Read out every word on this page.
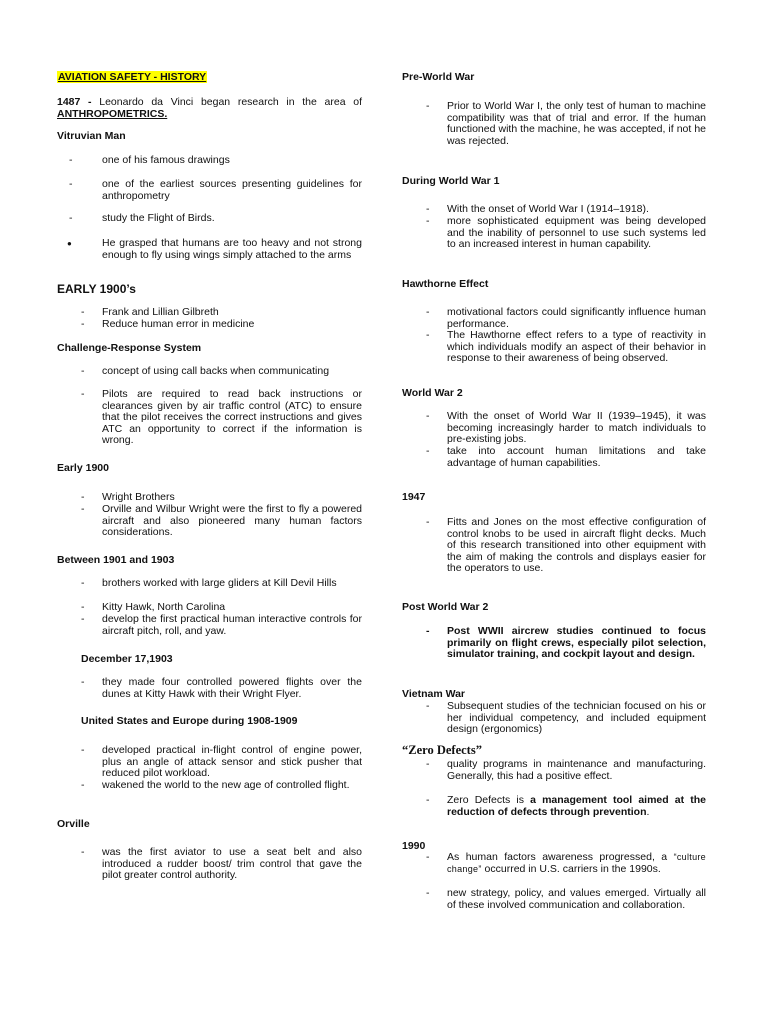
AVIATION SAFETY - HISTORY
1487 - Leonardo da Vinci began research in the area of ANTHROPOMETRICS.
Vitruvian Man
-	one of his famous drawings
-	one of the earliest sources presenting guidelines for anthropometry
-	study the Flight of Birds.
●	He grasped that humans are too heavy and not strong enough to fly using wings simply attached to the arms
EARLY 1900’s
-	Frank and Lillian Gilbreth
-	Reduce human error in medicine
Challenge-Response System
-	concept of using call backs when communicating
-	Pilots are required to read back instructions or clearances given by air traffic control (ATC) to ensure that the pilot receives the correct instructions and gives ATC an opportunity to correct if the information is wrong.
Early 1900
-	Wright Brothers
-	Orville and Wilbur Wright were the first to fly a powered aircraft and also pioneered many human factors considerations.
Between 1901 and 1903
-	brothers worked with large gliders at Kill Devil Hills
-	Kitty Hawk, North Carolina
-	develop the first practical human interactive controls for aircraft pitch, roll, and yaw.
December 17,1903
-	they made four controlled powered flights over the dunes at Kitty Hawk with their Wright Flyer.
United States and Europe during 1908-1909
-	developed practical in-flight control of engine power, plus an angle of attack sensor and stick pusher that reduced pilot workload.
-	wakened the world to the new age of controlled flight.
Orville
-	was the first aviator to use a seat belt and also introduced a rudder boost/ trim control that gave the pilot greater control authority.
Pre-World War
-	Prior to World War I, the only test of human to machine compatibility was that of trial and error. If the human functioned with the machine, he was accepted, if not he was rejected.
During World War 1
-	With the onset of World War I (1914–1918).
-	more sophisticated equipment was being developed and the inability of personnel to use such systems led to an increased interest in human capability.
Hawthorne Effect
-	motivational factors could significantly influence human performance.
-	The Hawthorne effect refers to a type of reactivity in which individuals modify an aspect of their behavior in response to their awareness of being observed.
World War 2
-	With the onset of World War II (1939–1945), it was becoming increasingly harder to match individuals to pre-existing jobs.
-	take into account human limitations and take advantage of human capabilities.
1947
-	Fitts and Jones on the most effective configuration of control knobs to be used in aircraft flight decks. Much of this research transitioned into other equipment with the aim of making the controls and displays easier for the operators to use.
Post World War 2
-	Post WWII aircrew studies continued to focus primarily on flight crews, especially pilot selection, simulator training, and cockpit layout and design.
Vietnam War
-	Subsequent studies of the technician focused on his or her individual competency, and included equipment design (ergonomics)
“Zero Defects”
-	quality programs in maintenance and manufacturing. Generally, this had a positive effect.
-	Zero Defects is a management tool aimed at the reduction of defects through prevention.
1990
-	As human factors awareness progressed, a “culture change” occurred in U.S. carriers in the 1990s.
-	new strategy, policy, and values emerged. Virtually all of these involved communication and collaboration.
